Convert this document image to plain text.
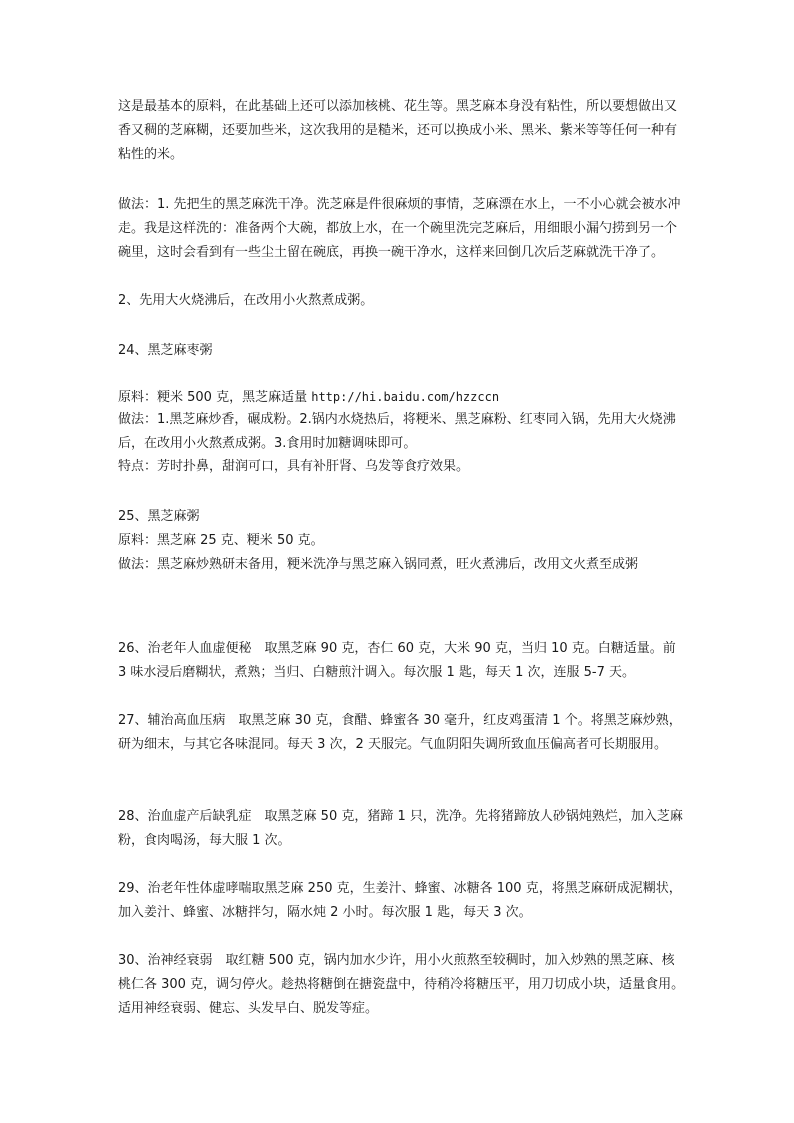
这是最基本的原料，在此基础上还可以添加核桃、花生等。黑芝麻本身没有粘性，所以要想做出又香又稠的芝麻糊，还要加些米，这次我用的是糙米，还可以换成小米、黑米、紫米等等任何一种有粘性的米。

做法：1. 先把生的黑芝麻洗干净。洗芝麻是件很麻烦的事情，芝麻漂在水上，一不小心就会被水冲走。我是这样洗的：准备两个大碗，都放上水，在一个碗里洗完芝麻后，用细眼小漏勺捞到另一个碗里，这时会看到有一些尘土留在碗底，再换一碗干净水，这样来回倒几次后芝麻就洗干净了。

2、先用大火烧沸后，在改用小火熬煮成粥。

24、黑芝麻枣粥

原料：粳米 500 克，黑芝麻适量 http://hi.baidu.com/hzzccn

做法：1.黑芝麻炒香，碾成粉。2.锅内水烧热后，将粳米、黑芝麻粉、红枣同入锅，先用大火烧沸后，在改用小火熬煮成粥。3.食用时加糖调味即可。

特点：芳时扑鼻，甜润可口，具有补肝肾、乌发等食疗效果。

25、黑芝麻粥

原料：黑芝麻 25 克、粳米 50 克。

做法：黑芝麻炒熟研末备用，粳米洗净与黑芝麻入锅同煮，旺火煮沸后，改用文火煮至成粥

26、治老年人血虚便秘　取黑芝麻 90 克，杏仁 60 克，大米 90 克，当归 10 克。白糖适量。前 3 味水浸后磨糊状，煮熟；当归、白糖煎汁调入。每次服 1 匙，每天 1 次，连服 5-7 天。

27、辅治高血压病　取黑芝麻 30 克，食醋、蜂蜜各 30 毫升，红皮鸡蛋清 1 个。将黑芝麻炒熟，研为细末，与其它各味混同。每天 3 次，2 天服完。气血阴阳失调所致血压偏高者可长期服用。

28、治血虚产后缺乳症　取黑芝麻 50 克，猪蹄 1 只，洗净。先将猪蹄放人砂锅炖熟烂，加入芝麻粉，食肉喝汤，每大服 1 次。

29、治老年性体虚哮喘取黑芝麻 250 克，生姜汁、蜂蜜、冰糖各 100 克，将黑芝麻研成泥糊状，加入姜汁、蜂蜜、冰糖拌匀，隔水炖 2 小时。每次服 1 匙，每天 3 次。

30、治神经衰弱　取红糖 500 克，锅内加水少许，用小火煎熬至较稠时，加入炒熟的黑芝麻、核桃仁各 300 克，调匀停火。趁热将糖倒在搪瓷盘中，待稍冷将糖压平，用刀切成小块，适量食用。适用神经衰弱、健忘、头发早白、脱发等症。
